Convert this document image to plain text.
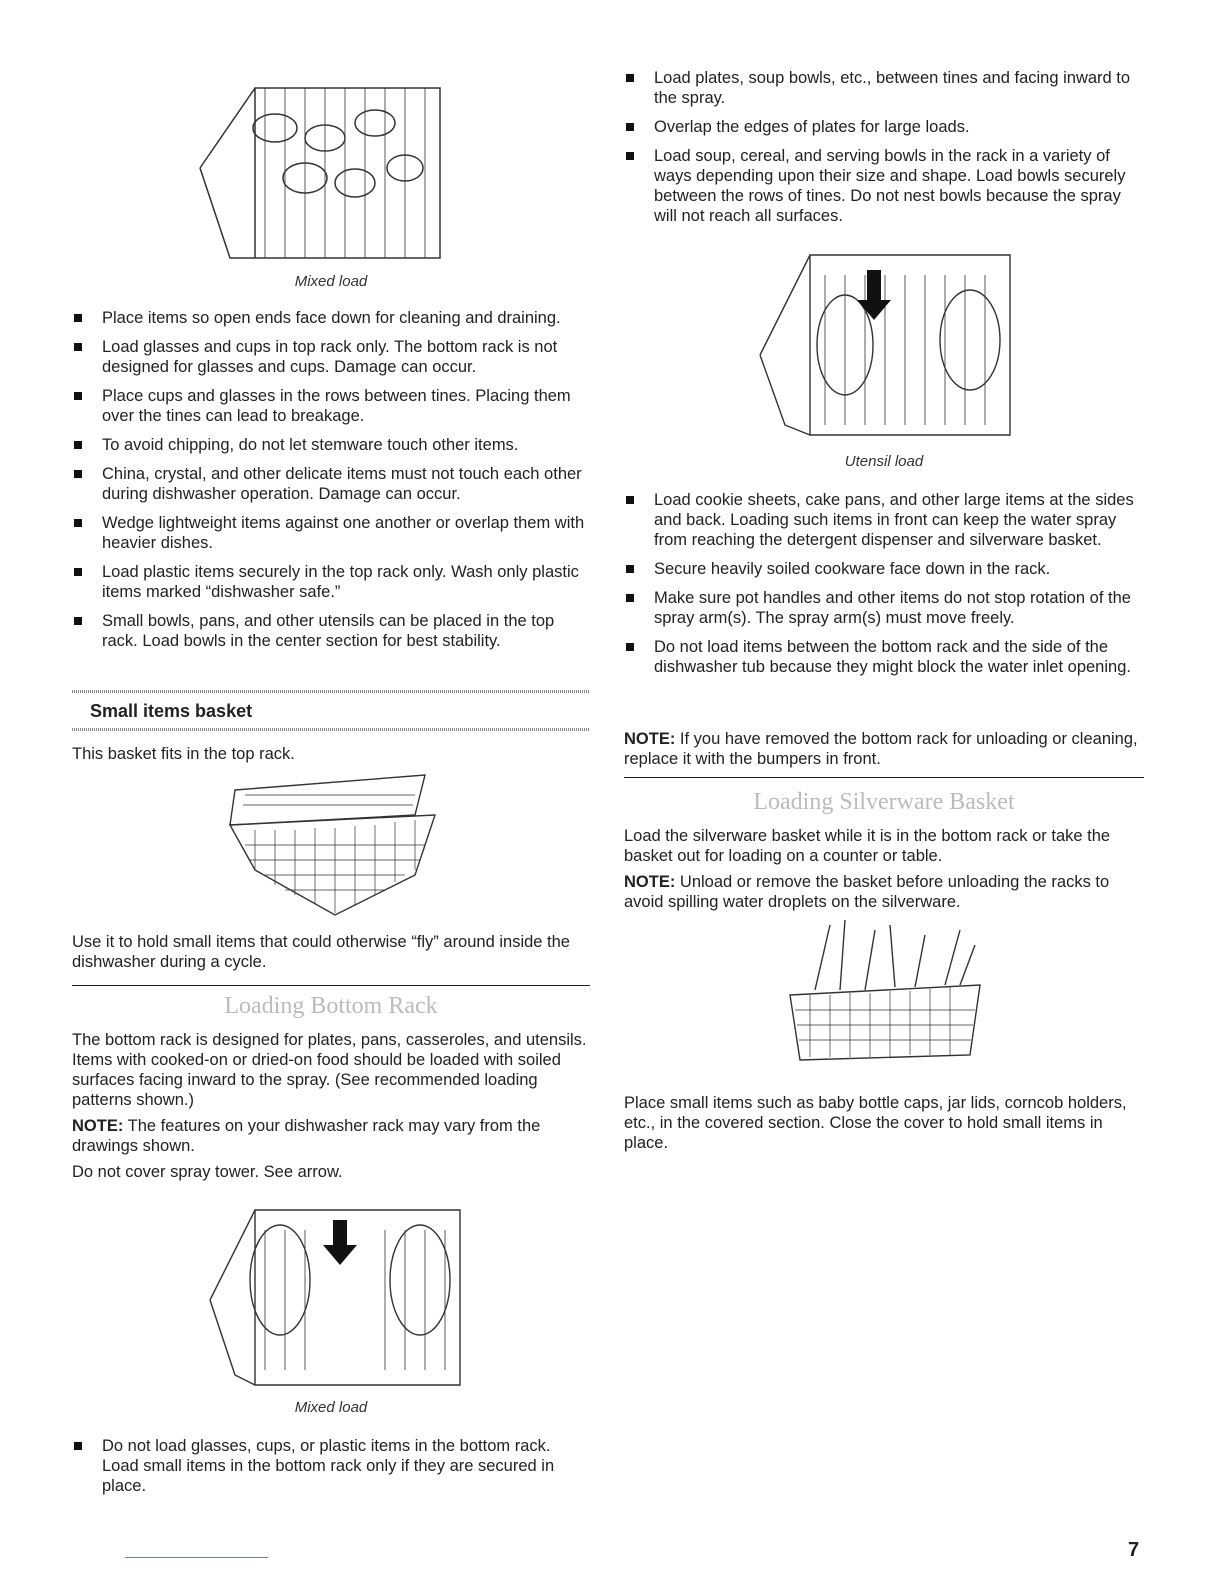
Mixed load
Place items so open ends face down for cleaning and draining.
Load glasses and cups in top rack only. The bottom rack is not designed for glasses and cups. Damage can occur.
Place cups and glasses in the rows between tines. Placing them over the tines can lead to breakage.
To avoid chipping, do not let stemware touch other items.
China, crystal, and other delicate items must not touch each other during dishwasher operation. Damage can occur.
Wedge lightweight items against one another or overlap them with heavier dishes.
Load plastic items securely in the top rack only. Wash only plastic items marked “dishwasher safe.”
Small bowls, pans, and other utensils can be placed in the top rack. Load bowls in the center section for best stability.
Small items basket
This basket fits in the top rack.
Use it to hold small items that could otherwise “fly” around inside the dishwasher during a cycle.
Loading Bottom Rack

The bottom rack is designed for plates, pans, casseroles, and utensils. Items with cooked-on or dried-on food should be loaded with soiled surfaces facing inward to the spray. (See recommended loading patterns shown.)

NOTE: The features on your dishwasher rack may vary from the drawings shown.

Do not cover spray tower. See arrow.

Mixed load
Do not load glasses, cups, or plastic items in the bottom rack. Load small items in the bottom rack only if they are secured in place.
Load plates, soup bowls, etc., between tines and facing inward to the spray.
Overlap the edges of plates for large loads.
Load soup, cereal, and serving bowls in the rack in a variety of ways depending upon their size and shape. Load bowls securely between the rows of tines. Do not nest bowls because the spray will not reach all surfaces.
Utensil load
Load cookie sheets, cake pans, and other large items at the sides and back. Loading such items in front can keep the water spray from reaching the detergent dispenser and silverware basket.
Secure heavily soiled cookware face down in the rack.
Make sure pot handles and other items do not stop rotation of the spray arm(s). The spray arm(s) must move freely.
Do not load items between the bottom rack and the side of the dishwasher tub because they might block the water inlet opening.

NOTE: If you have removed the bottom rack for unloading or cleaning, replace it with the bumpers in front.

Loading Silverware Basket

Load the silverware basket while it is in the bottom rack or take the basket out for loading on a counter or table.

NOTE: Unload or remove the basket before unloading the racks to avoid spilling water droplets on the silverware.

Place small items such as baby bottle caps, jar lids, corncob holders, etc., in the covered section. Close the cover to hold small items in place.

7
